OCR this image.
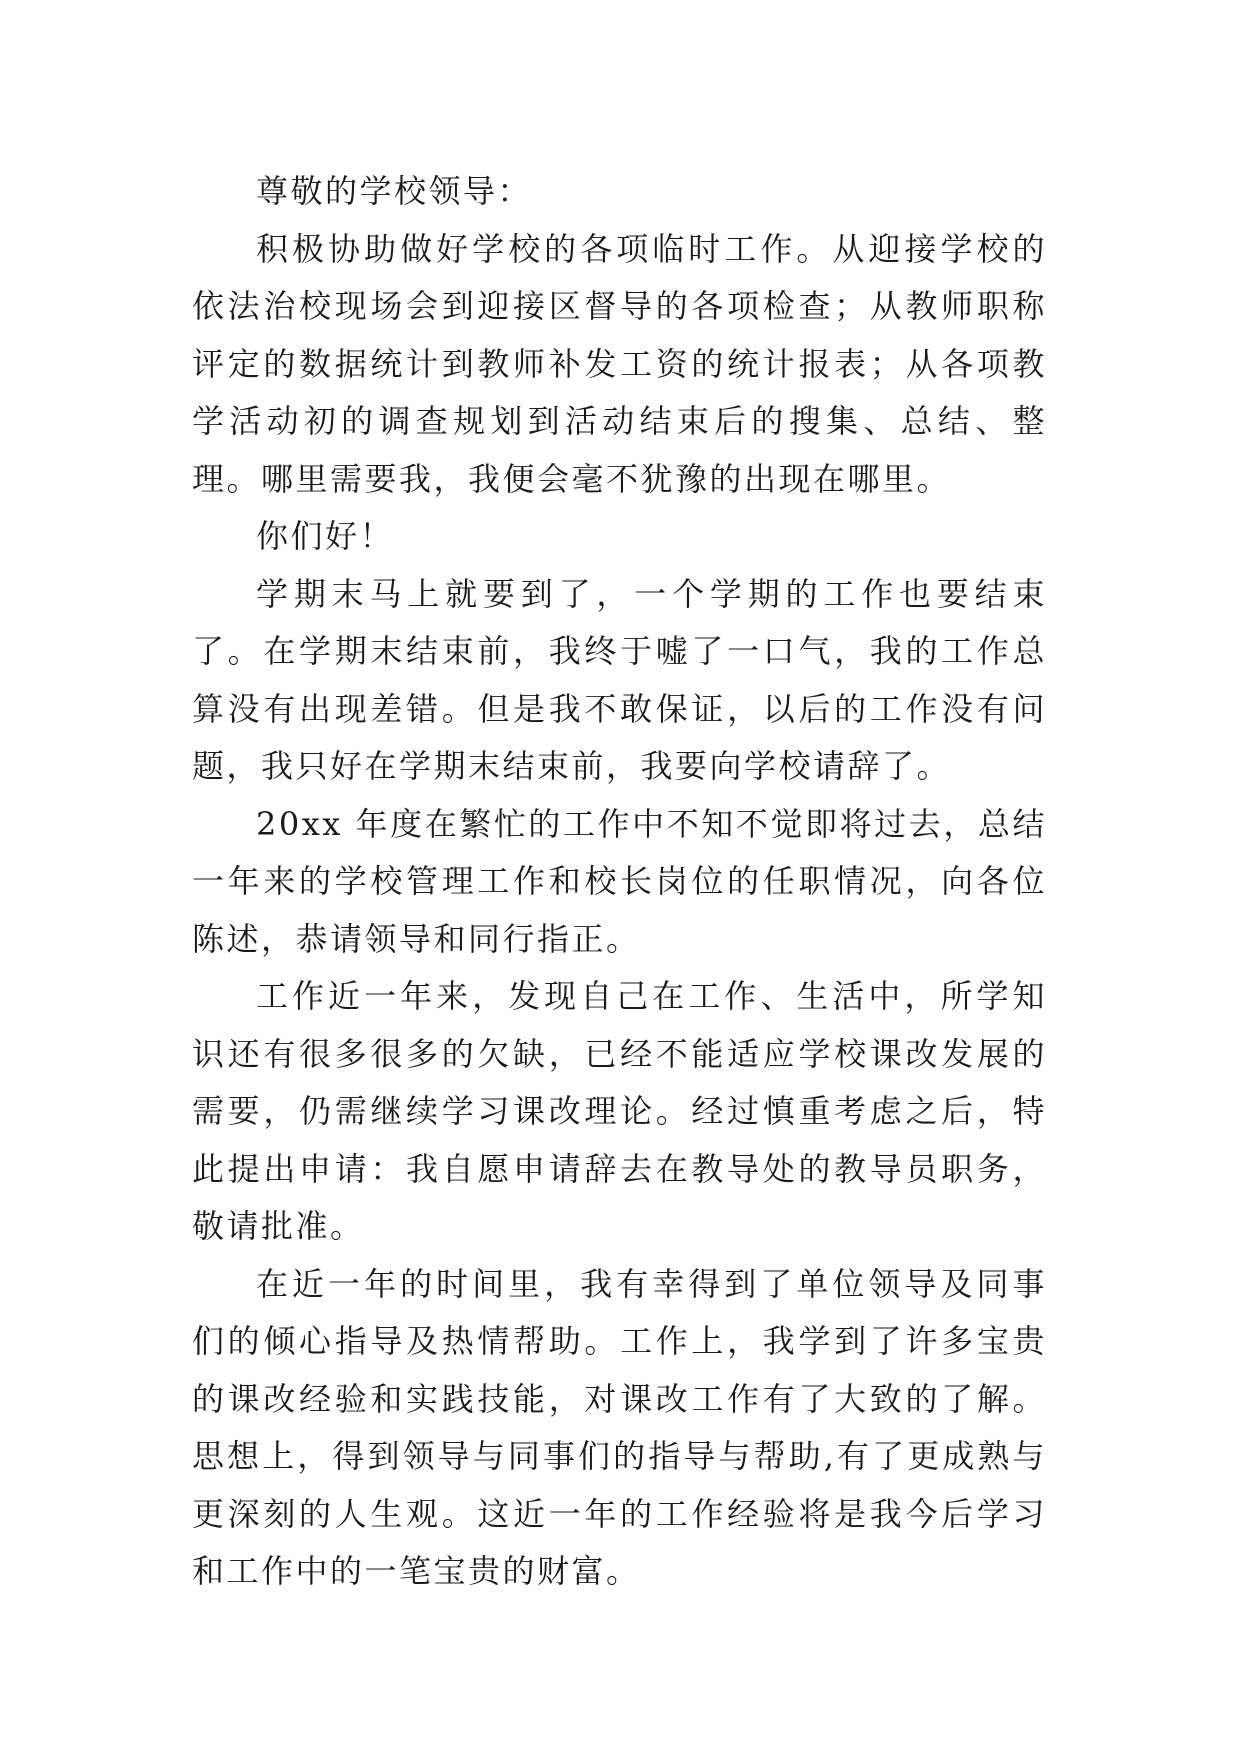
尊敬的学校领导：

积极协助做好学校的各项临时工作。从迎接学校的依法治校现场会到迎接区督导的各项检查；从教师职称评定的数据统计到教师补发工资的统计报表；从各项教学活动初的调查规划到活动结束后的搜集、总结、整理。哪里需要我，我便会毫不犹豫的出现在哪里。

你们好！

学期末马上就要到了，一个学期的工作也要结束了。在学期末结束前，我终于嘘了一口气，我的工作总算没有出现差错。但是我不敢保证，以后的工作没有问题，我只好在学期末结束前，我要向学校请辞了。

20xx 年度在繁忙的工作中不知不觉即将过去，总结一年来的学校管理工作和校长岗位的任职情况，向各位陈述，恭请领导和同行指正。

工作近一年来，发现自己在工作、生活中，所学知识还有很多很多的欠缺，已经不能适应学校课改发展的需要，仍需继续学习课改理论。经过慎重考虑之后，特此提出申请：我自愿申请辞去在教导处的教导员职务，敬请批准。

在近一年的时间里，我有幸得到了单位领导及同事们的倾心指导及热情帮助。工作上，我学到了许多宝贵的课改经验和实践技能，对课改工作有了大致的了解。思想上，得到领导与同事们的指导与帮助,有了更成熟与更深刻的人生观。这近一年的工作经验将是我今后学习和工作中的一笔宝贵的财富。
